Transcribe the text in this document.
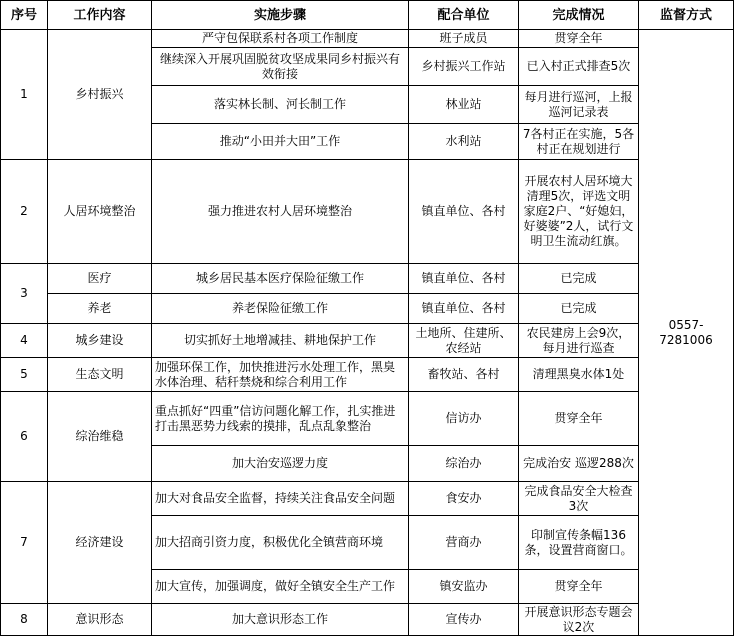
序号	工作内容	实施步骤	配合单位	完成情况	监督方式
1	乡村振兴	严守包保联系村各项工作制度	班子成员	贯穿全年	0557-7281006
		继续深入开展巩固脱贫攻坚成果同乡村振兴有效衔接	乡村振兴工作站	已入村正式排查5次	
		落实林长制、河长制工作	林业站	每月进行巡河，上报巡河记录表	
		推动“小田并大田”工作	水利站	7各村正在实施，5各村正在规划进行	
2	人居环境整治	强力推进农村人居环境整治	镇直单位、各村	开展农村人居环境大清理5次，评选文明家庭2户、“好媳妇，好婆婆”2人，试行文明卫生流动红旗。	
3	医疗	城乡居民基本医疗保险征缴工作	镇直单位、各村	已完成	
	养老	养老保险征缴工作	镇直单位、各村	已完成	
4	城乡建设	切实抓好土地增减挂、耕地保护工作	土地所、住建所、农经站	农民建房上会9次，每月进行巡查	
5	生态文明	加强环保工作，加快推进污水处理工作，黑臭水体治理、秸秆禁烧和综合利用工作	畜牧站、各村	清理黑臭水体1处	
6	综治维稳	重点抓好“四重”信访问题化解工作，扎实推进打击黑恶势力线索的摸排，乱点乱象整治	信访办	贯穿全年	
		加大治安巡逻力度	综治办	完成治安 巡逻288次	
7	经济建设	加大对食品安全监督，持续关注食品安全问题	食安办	完成食品安全大检查3次	
		加大招商引资力度，积极优化全镇营商环境	营商办	印制宣传条幅136条，设置营商窗口。	
		加大宣传，加强调度，做好全镇安全生产工作	镇安监办	贯穿全年	
8	意识形态	加大意识形态工作	宣传办	开展意识形态专题会议2次	
